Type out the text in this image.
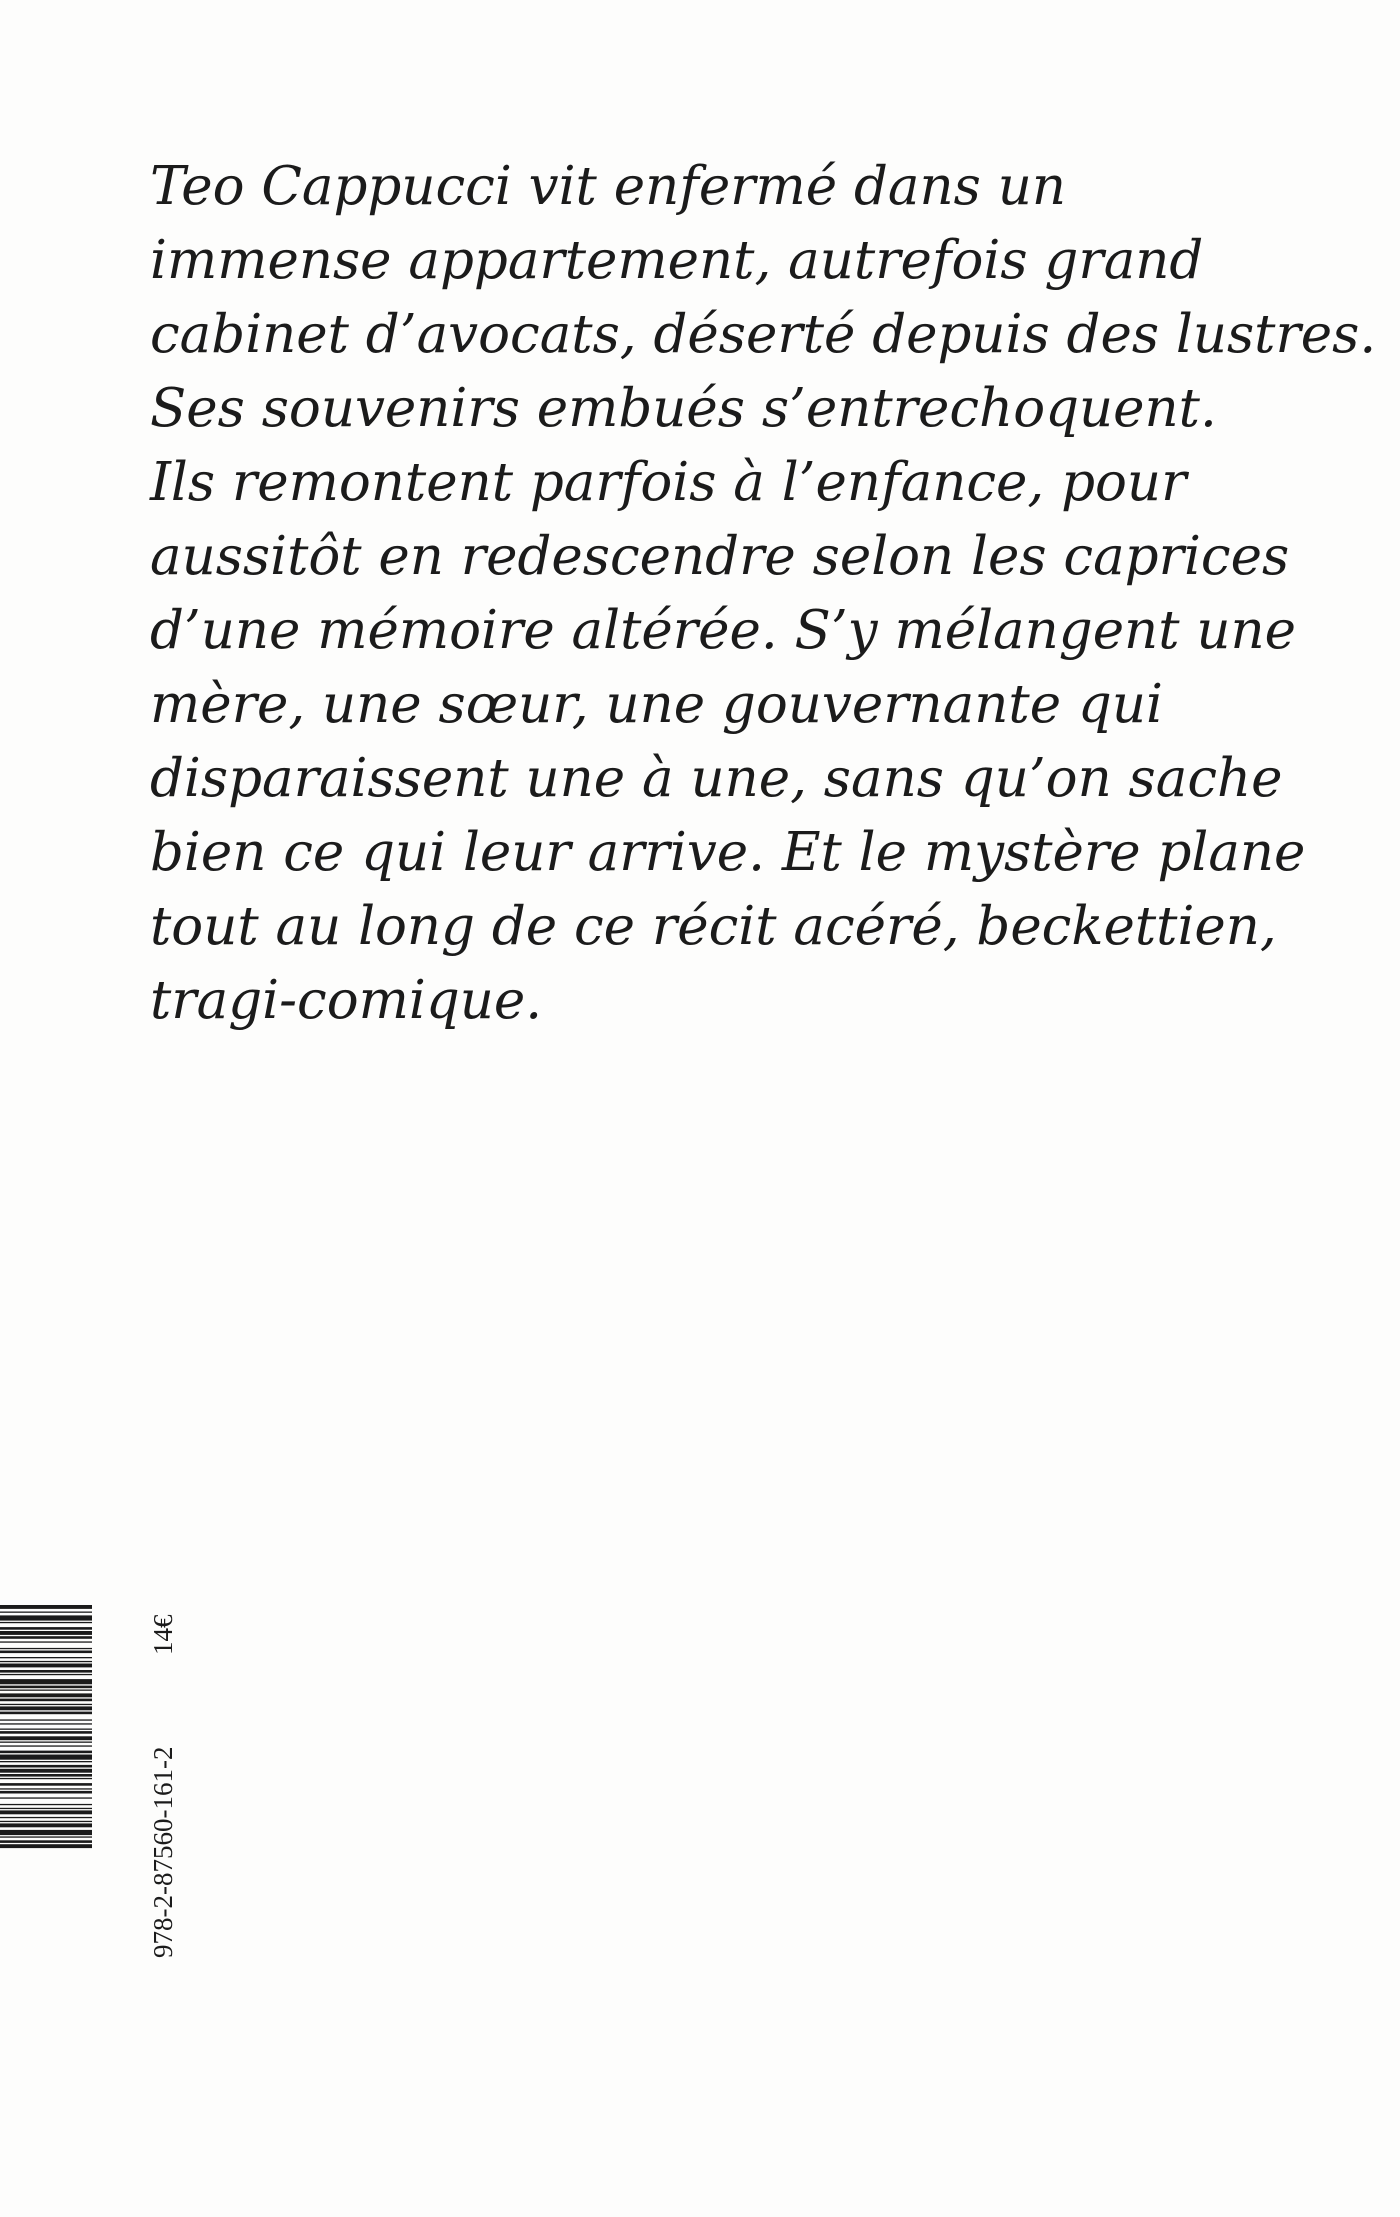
Teo Cappucci vit enfermé dans un
immense appartement, autrefois grand
cabinet d’avocats, déserté depuis des lustres.
Ses souvenirs embués s’entrechoquent.
Ils remontent parfois à l’enfance, pour
aussitôt en redescendre selon les caprices
d’une mémoire altérée. S’y mélangent une
mère, une sœur, une gouvernante qui
disparaissent une à une, sans qu’on sache
bien ce qui leur arrive. Et le mystère plane
tout au long de ce récit acéré, beckettien,
tragi-comique.
978-2-87560-161-2
14€
